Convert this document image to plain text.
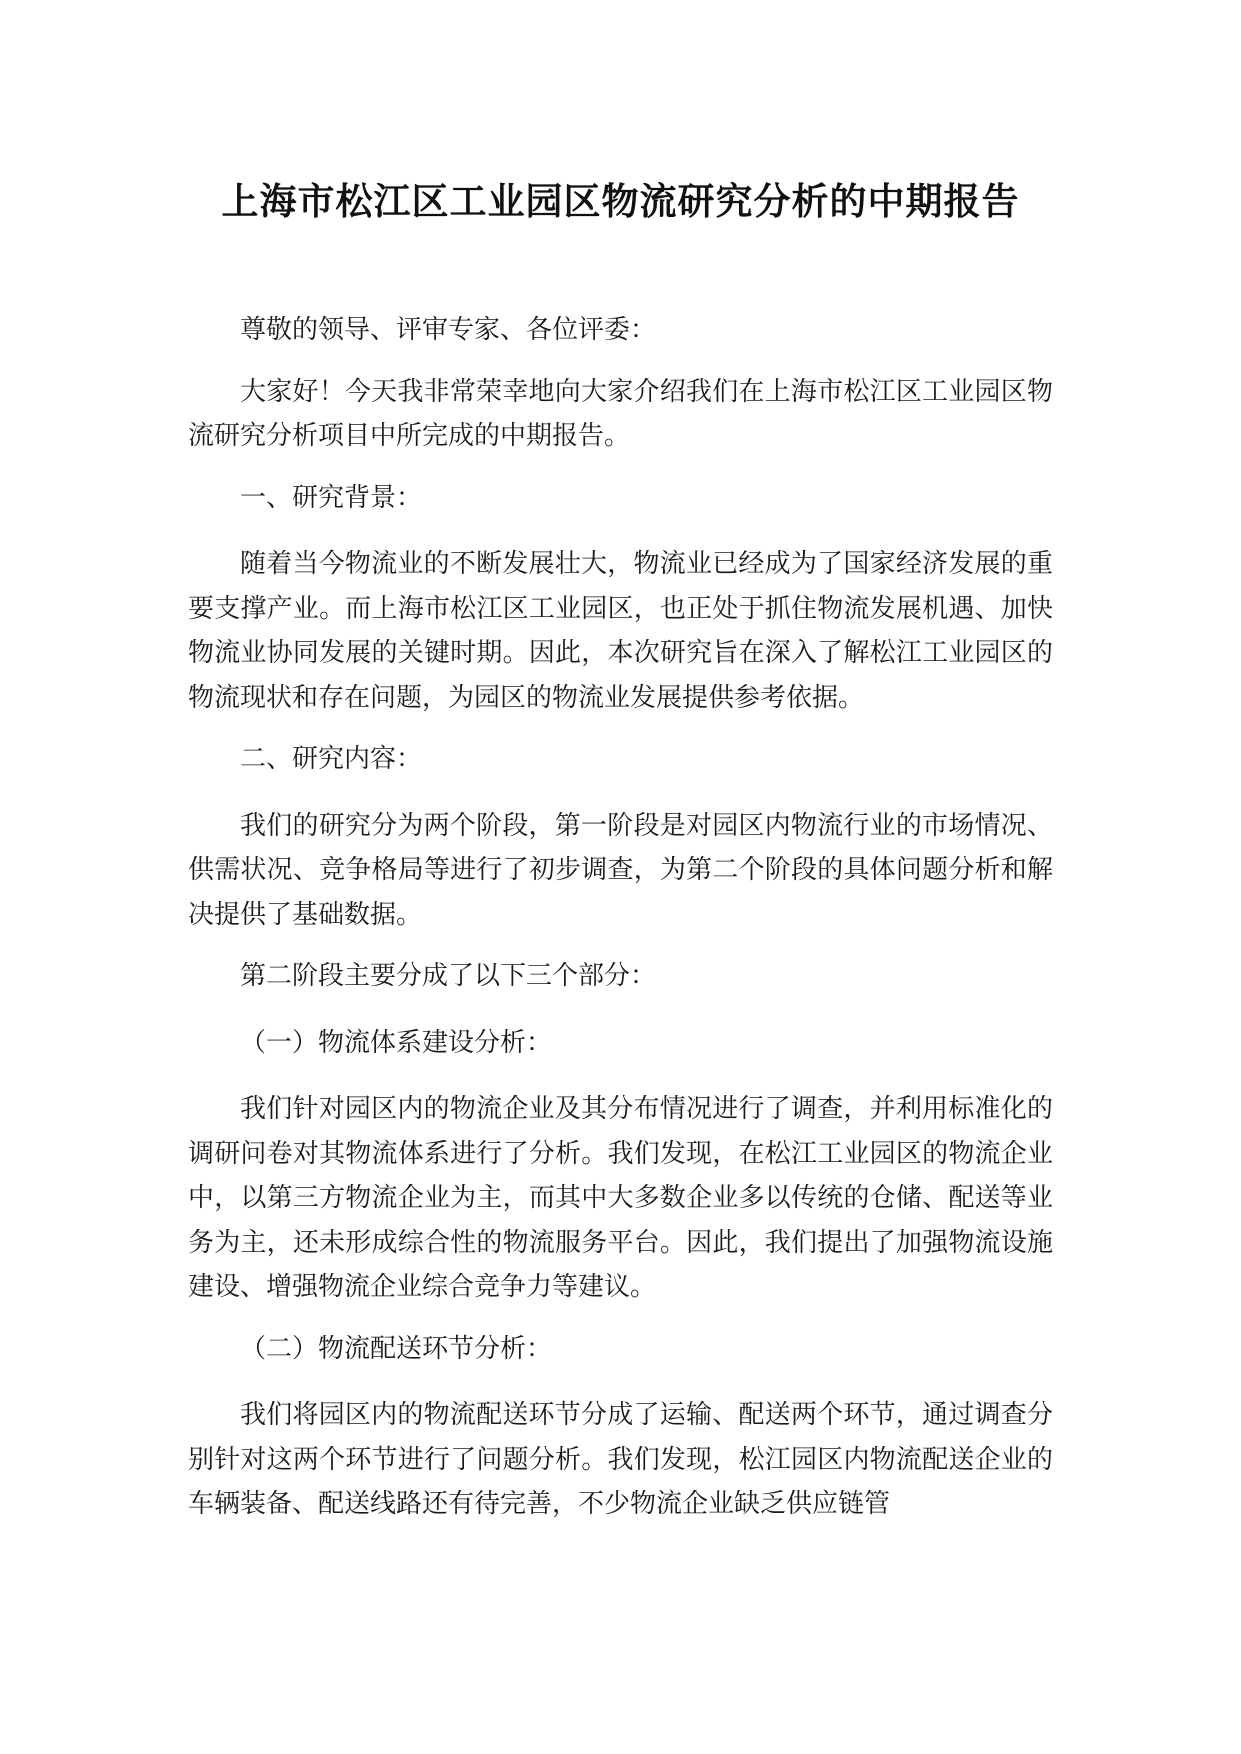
上海市松江区工业园区物流研究分析的中期报告

尊敬的领导、评审专家、各位评委：

大家好！今天我非常荣幸地向大家介绍我们在上海市松江区工业园区物流研究分析项目中所完成的中期报告。

一、研究背景：

随着当今物流业的不断发展壮大，物流业已经成为了国家经济发展的重要支撑产业。而上海市松江区工业园区，也正处于抓住物流发展机遇、加快物流业协同发展的关键时期。因此，本次研究旨在深入了解松江工业园区的物流现状和存在问题，为园区的物流业发展提供参考依据。

二、研究内容：

我们的研究分为两个阶段，第一阶段是对园区内物流行业的市场情况、供需状况、竞争格局等进行了初步调查，为第二个阶段的具体问题分析和解决提供了基础数据。

第二阶段主要分成了以下三个部分：

（一）物流体系建设分析：

我们针对园区内的物流企业及其分布情况进行了调查，并利用标准化的调研问卷对其物流体系进行了分析。我们发现，在松江工业园区的物流企业中，以第三方物流企业为主，而其中大多数企业多以传统的仓储、配送等业务为主，还未形成综合性的物流服务平台。因此，我们提出了加强物流设施建设、增强物流企业综合竞争力等建议。

（二）物流配送环节分析：

我们将园区内的物流配送环节分成了运输、配送两个环节，通过调查分别针对这两个环节进行了问题分析。我们发现，松江园区内物流配送企业的车辆装备、配送线路还有待完善，不少物流企业缺乏供应链管
